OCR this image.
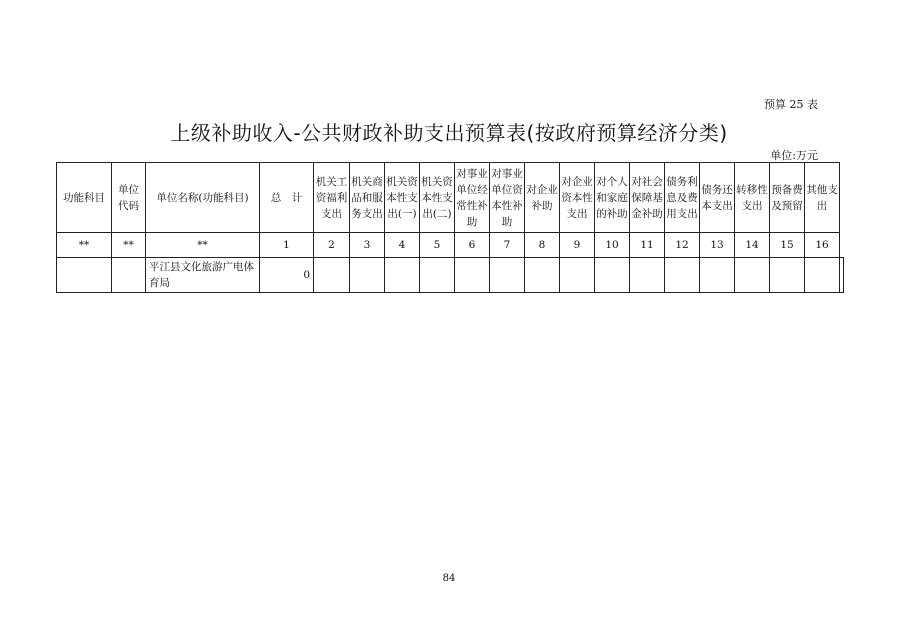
预算 25 表
上级补助收入-公共财政补助支出预算表(按政府预算经济分类)
单位:万元
功能科目	单位代码	单位名称(功能科目)	总　计	机关工资福利支出	机关商品和服务支出	机关资本性支出(一)	机关资本性支出(二)	对事业单位经常性补助	对事业单位资本性补助	对企业补助	对企业资本性支出	对个人和家庭的补助	对社会保障基金补助	债务利息及费用支出	债务还本支出	转移性支出	预备费及预留	其他支出	
**	**	**	1	2	3	4	5	6	7	8	9	10	11	12	13	14	15	16	
		平江县文化旅游广电体育局	0																
84
